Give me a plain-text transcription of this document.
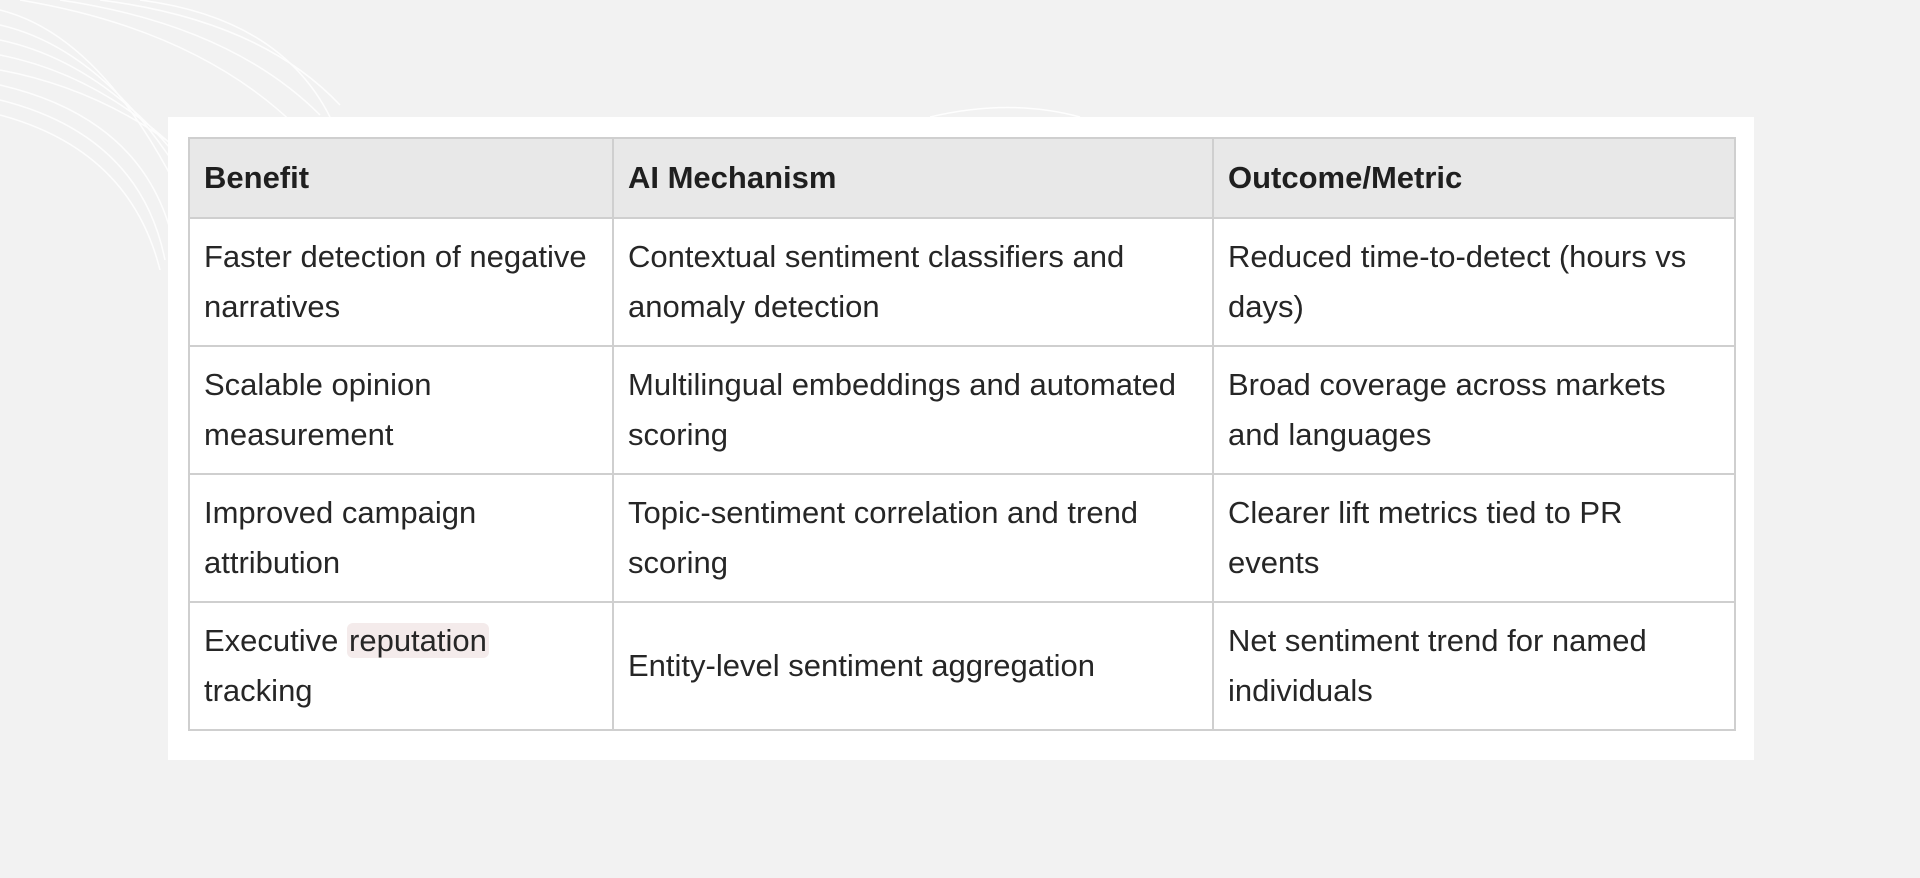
Benefit	AI Mechanism	Outcome/Metric
Faster detection of negative narratives	Contextual sentiment classifiers and anomaly detection	Reduced time-to-detect (hours vs days)
Scalable opinion measurement	Multilingual embeddings and automated scoring	Broad coverage across markets and languages
Improved campaign attribution	Topic-sentiment correlation and trend scoring	Clearer lift metrics tied to PR events
Executive reputation tracking	Entity-level sentiment aggregation	Net sentiment trend for named individuals
